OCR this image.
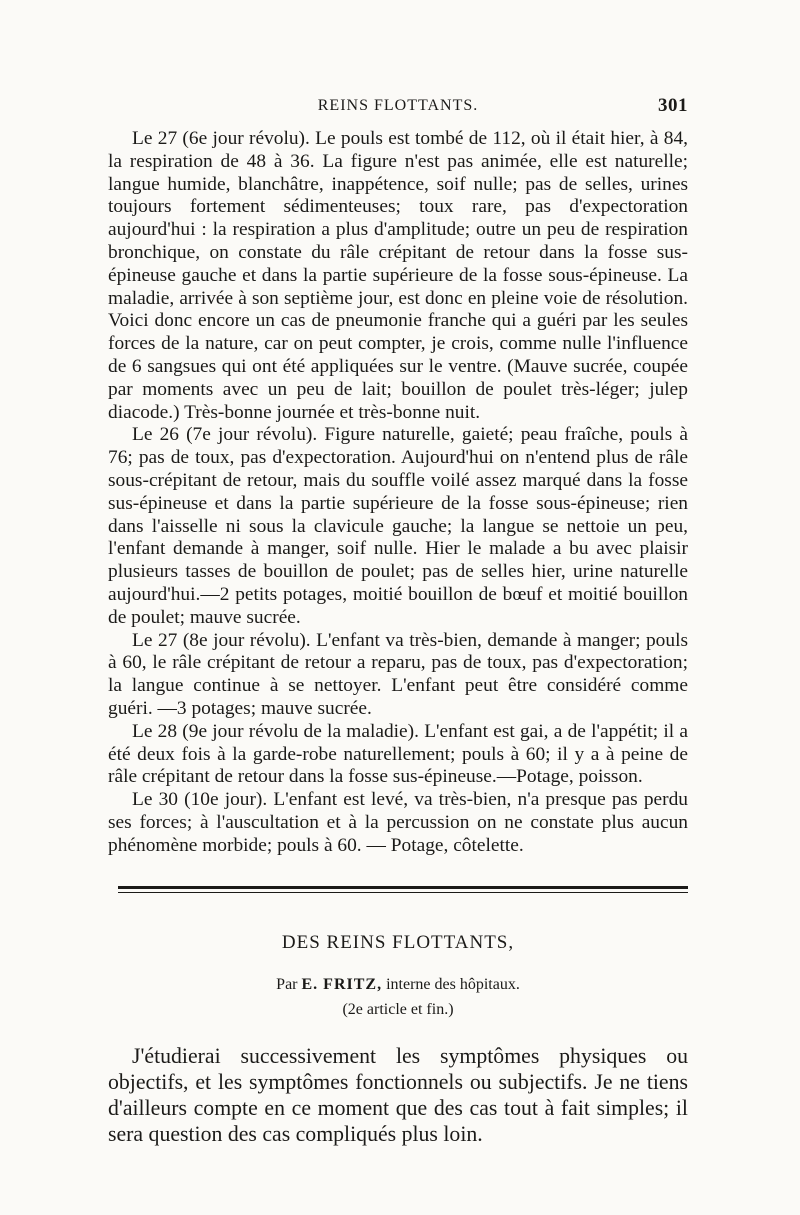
REINS FLOTTANTS.	301

Le 27 (6e jour révolu). Le pouls est tombé de 112, où il était hier, à 84, la respiration de 48 à 36. La figure n'est pas animée, elle est naturelle; langue humide, blanchâtre, inappétence, soif nulle; pas de selles, urines toujours fortement sédimenteuses; toux rare, pas d'expectoration aujourd'hui : la respiration a plus d'amplitude; outre un peu de respiration bronchique, on constate du râle crépitant de retour dans la fosse sus-épineuse gauche et dans la partie supérieure de la fosse sous-épineuse. La maladie, arrivée à son septième jour, est donc en pleine voie de résolution. Voici donc encore un cas de pneumonie franche qui a guéri par les seules forces de la nature, car on peut compter, je crois, comme nulle l'influence de 6 sangsues qui ont été appliquées sur le ventre. (Mauve sucrée, coupée par moments avec un peu de lait; bouillon de poulet très-léger; julep diacode.) Très-bonne journée et très-bonne nuit.

Le 26 (7e jour révolu). Figure naturelle, gaieté; peau fraîche, pouls à 76; pas de toux, pas d'expectoration. Aujourd'hui on n'entend plus de râle sous-crépitant de retour, mais du souffle voilé assez marqué dans la fosse sus-épineuse et dans la partie supérieure de la fosse sous-épineuse; rien dans l'aisselle ni sous la clavicule gauche; la langue se nettoie un peu, l'enfant demande à manger, soif nulle. Hier le malade a bu avec plaisir plusieurs tasses de bouillon de poulet; pas de selles hier, urine naturelle aujourd'hui.—2 petits potages, moitié bouillon de bœuf et moitié bouillon de poulet; mauve sucrée.

Le 27 (8e jour révolu). L'enfant va très-bien, demande à manger; pouls à 60, le râle crépitant de retour a reparu, pas de toux, pas d'expectoration; la langue continue à se nettoyer. L'enfant peut être considéré comme guéri. —3 potages; mauve sucrée.

Le 28 (9e jour révolu de la maladie). L'enfant est gai, a de l'appétit; il a été deux fois à la garde-robe naturellement; pouls à 60; il y a à peine de râle crépitant de retour dans la fosse sus-épineuse.—Potage, poisson.

Le 30 (10e jour). L'enfant est levé, va très-bien, n'a presque pas perdu ses forces; à l'auscultation et à la percussion on ne constate plus aucun phénomène morbide; pouls à 60. — Potage, côtelette.

DES REINS FLOTTANTS,
Par E. FRITZ, interne des hôpitaux.
(2e article et fin.)

J'étudierai successivement les symptômes physiques ou objectifs, et les symptômes fonctionnels ou subjectifs. Je ne tiens d'ailleurs compte en ce moment que des cas tout à fait simples; il sera question des cas compliqués plus loin.
